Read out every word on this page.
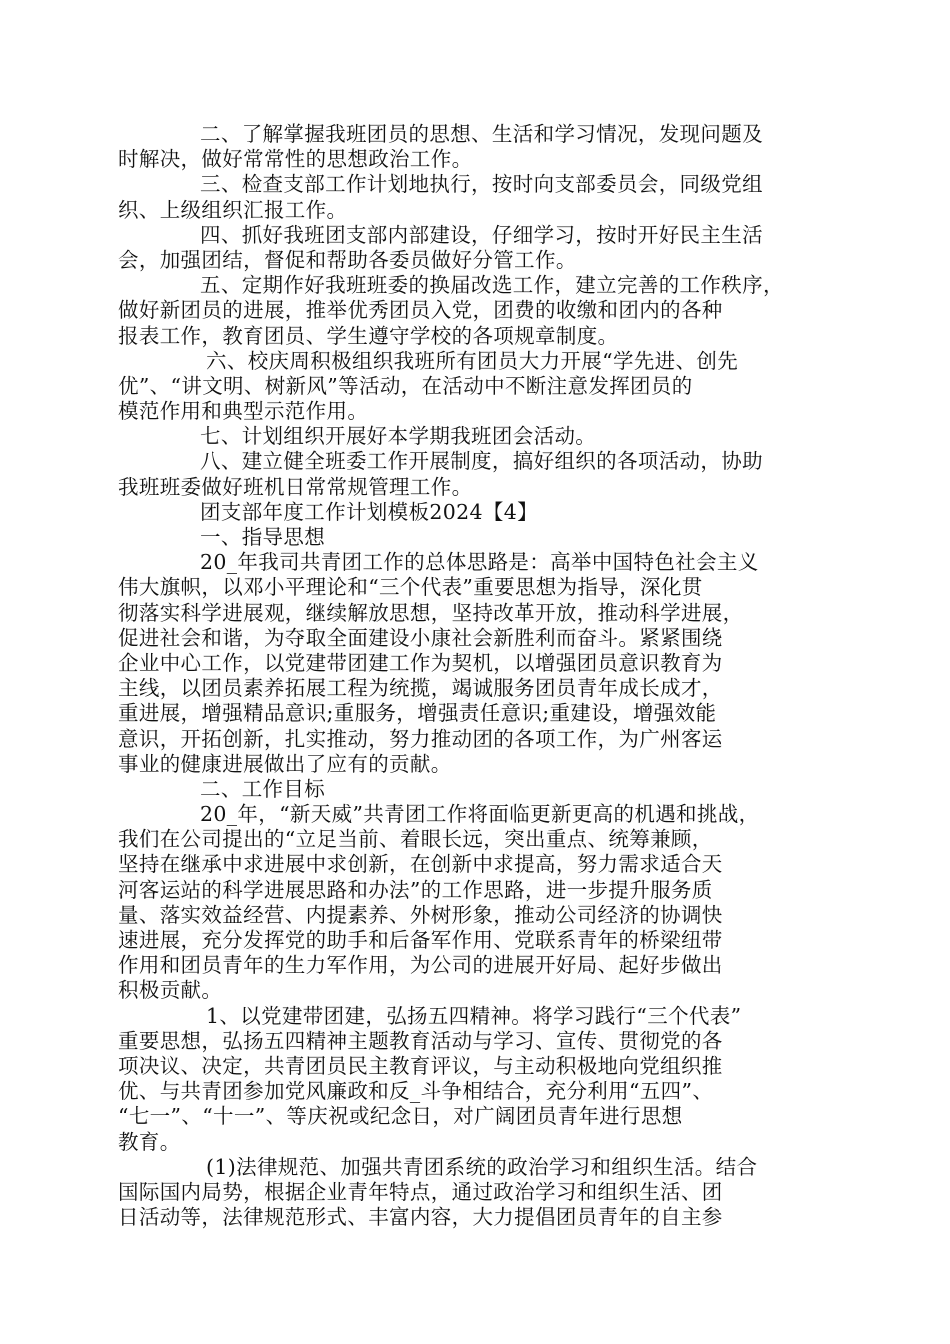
二、了解掌握我班团员的思想、生活和学习情况，发现问题及
时解决，做好常常性的思想政治工作。
三、检查支部工作计划地执行，按时向支部委员会，同级党组
织、上级组织汇报工作。
四、抓好我班团支部内部建设，仔细学习，按时开好民主生活
会，加强团结，督促和帮助各委员做好分管工作。
五、定期作好我班班委的换届改选工作，建立完善的工作秩序，
做好新团员的进展，推举优秀团员入党，团费的收缴和团内的各种
报表工作，教育团员、学生遵守学校的各项规章制度。
六、校庆周积极组织我班所有团员大力开展“学先进、创先
优”、“讲文明、树新风”等活动，在活动中不断注意发挥团员的
模范作用和典型示范作用。
七、计划组织开展好本学期我班团会活动。
八、建立健全班委工作开展制度，搞好组织的各项活动，协助
我班班委做好班机日常常规管理工作。
团支部年度工作计划模板2024【4】
一、指导思想
20_年我司共青团工作的总体思路是：高举中国特色社会主义
伟大旗帜，以邓小平理论和“三个代表”重要思想为指导，深化贯
彻落实科学进展观，继续解放思想，坚持改革开放，推动科学进展，
促进社会和谐，为夺取全面建设小康社会新胜利而奋斗。紧紧围绕
企业中心工作，以党建带团建工作为契机，以增强团员意识教育为
主线，以团员素养拓展工程为统揽，竭诚服务团员青年成长成才，
重进展，增强精品意识;重服务，增强责任意识;重建设，增强效能
意识，开拓创新，扎实推动，努力推动团的各项工作，为广州客运
事业的健康进展做出了应有的贡献。
二、工作目标
20_年，“新天威”共青团工作将面临更新更高的机遇和挑战，
我们在公司提出的“立足当前、着眼长远，突出重点、统筹兼顾，
坚持在继承中求进展中求创新，在创新中求提高，努力需求适合天
河客运站的科学进展思路和办法”的工作思路，进一步提升服务质
量、落实效益经营、内提素养、外树形象，推动公司经济的协调快
速进展，充分发挥党的助手和后备军作用、党联系青年的桥梁纽带
作用和团员青年的生力军作用，为公司的进展开好局、起好步做出
积极贡献。
1、以党建带团建，弘扬五四精神。将学习践行“三个代表”
重要思想，弘扬五四精神主题教育活动与学习、宣传、贯彻党的各
项决议、决定，共青团员民主教育评议，与主动积极地向党组织推
优、与共青团参加党风廉政和反_斗争相结合，充分利用“五四”、
“七一”、“十一”、等庆祝或纪念日，对广阔团员青年进行思想
教育。
(1)法律规范、加强共青团系统的政治学习和组织生活。结合
国际国内局势，根据企业青年特点，通过政治学习和组织生活、团
日活动等，法律规范形式、丰富内容，大力提倡团员青年的自主参
